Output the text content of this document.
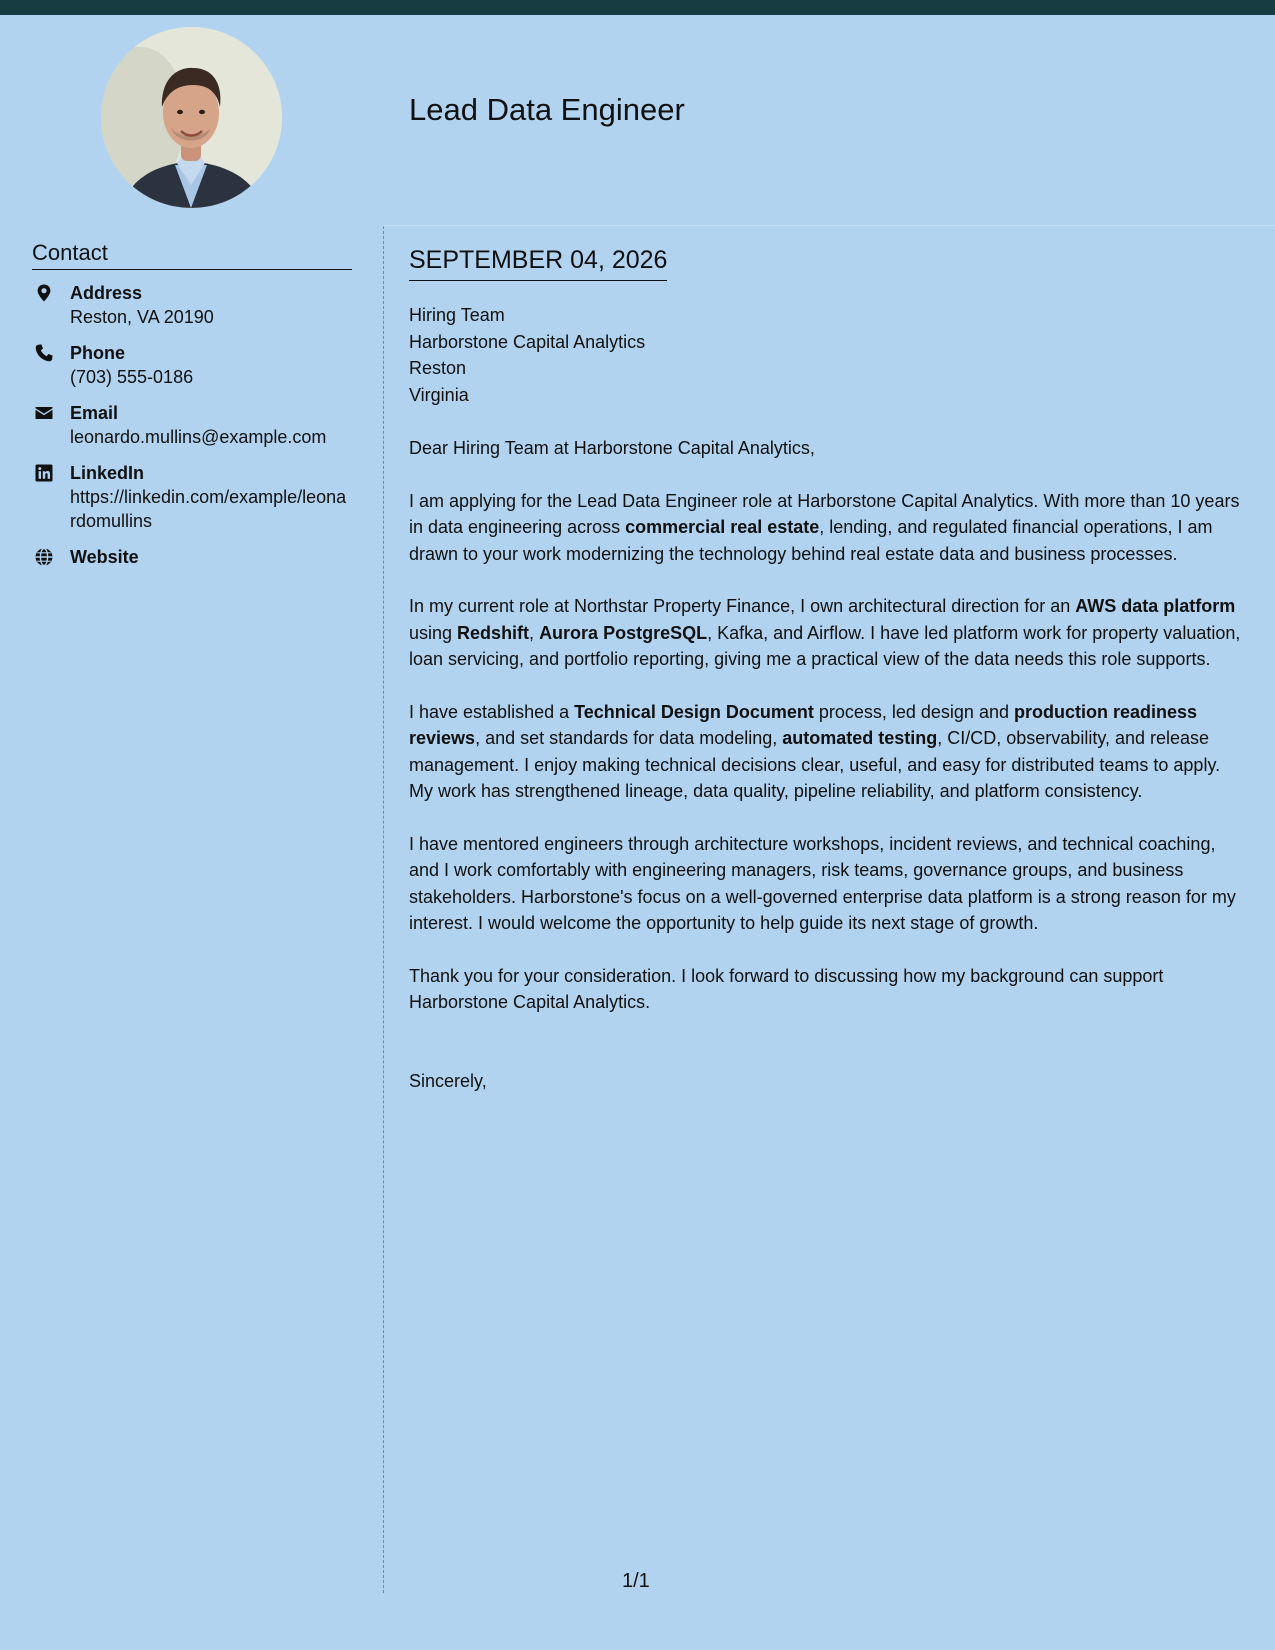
Lead Data Engineer
Contact
Address
Reston, VA 20190
Phone
(703) 555-0186
Email
leonardo.mullins@example.com
LinkedIn
https://linkedin.com/example/leonardomullins
Website
SEPTEMBER 04, 2026
Hiring Team
Harborstone Capital Analytics
Reston
Virginia

Dear Hiring Team at Harborstone Capital Analytics,

I am applying for the Lead Data Engineer role at Harborstone Capital Analytics. With more than 10 years in data engineering across commercial real estate, lending, and regulated financial operations, I am drawn to your work modernizing the technology behind real estate data and business processes.

In my current role at Northstar Property Finance, I own architectural direction for an AWS data platform using Redshift, Aurora PostgreSQL, Kafka, and Airflow. I have led platform work for property valuation, loan servicing, and portfolio reporting, giving me a practical view of the data needs this role supports.

I have established a Technical Design Document process, led design and production readiness reviews, and set standards for data modeling, automated testing, CI/CD, observability, and release management. I enjoy making technical decisions clear, useful, and easy for distributed teams to apply. My work has strengthened lineage, data quality, pipeline reliability, and platform consistency.

I have mentored engineers through architecture workshops, incident reviews, and technical coaching, and I work comfortably with engineering managers, risk teams, governance groups, and business stakeholders. Harborstone's focus on a well-governed enterprise data platform is a strong reason for my interest. I would welcome the opportunity to help guide its next stage of growth.

Thank you for your consideration. I look forward to discussing how my background can support Harborstone Capital Analytics.

Sincerely,

1/1
